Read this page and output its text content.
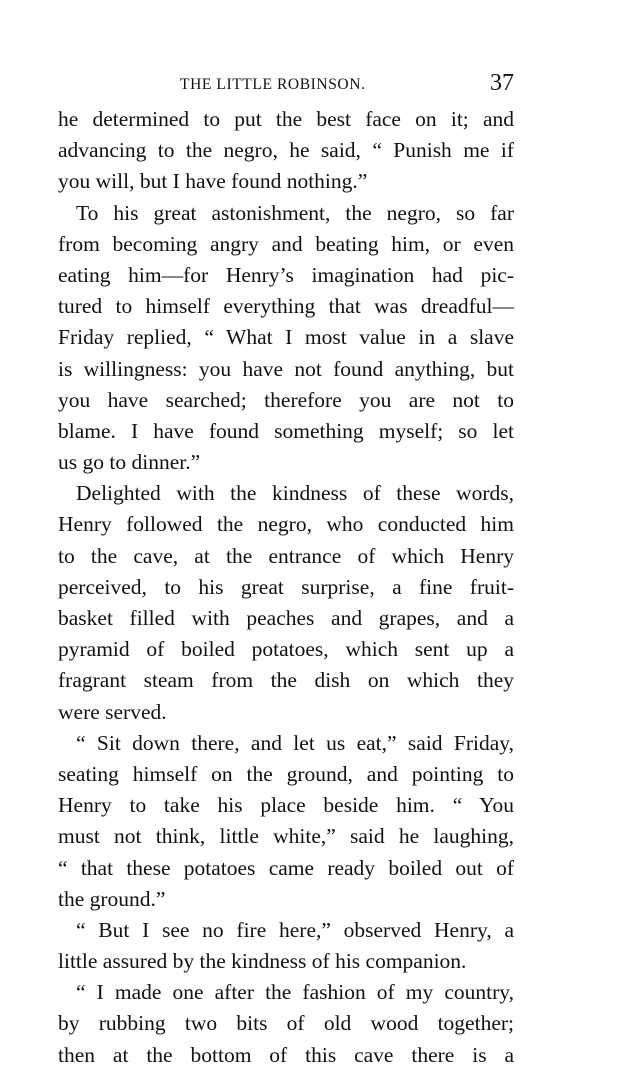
THE LITTLE ROBINSON.	37
he determined to put the best face on it; and
advancing to the negro, he said, “ Punish me if
you will, but I have found nothing.”
To his great astonishment, the negro, so far
from becoming angry and beating him, or even
eating him—for Henry’s imagination had pic-
tured to himself everything that was dreadful—
Friday replied, “ What I most value in a slave
is willingness: you have not found anything, but
you have searched; therefore you are not to
blame. I have found something myself; so let
us go to dinner.”
Delighted with the kindness of these words,
Henry followed the negro, who conducted him
to the cave, at the entrance of which Henry
perceived, to his great surprise, a fine fruit-
basket filled with peaches and grapes, and a
pyramid of boiled potatoes, which sent up a
fragrant steam from the dish on which they
were served.
“ Sit down there, and let us eat,” said Friday,
seating himself on the ground, and pointing to
Henry to take his place beside him. “ You
must not think, little white,” said he laughing,
“ that these potatoes came ready boiled out of
the ground.”
“ But I see no fire here,” observed Henry, a
little assured by the kindness of his companion.
“ I made one after the fashion of my country,
by rubbing two bits of old wood together;
then at the bottom of this cave there is a
